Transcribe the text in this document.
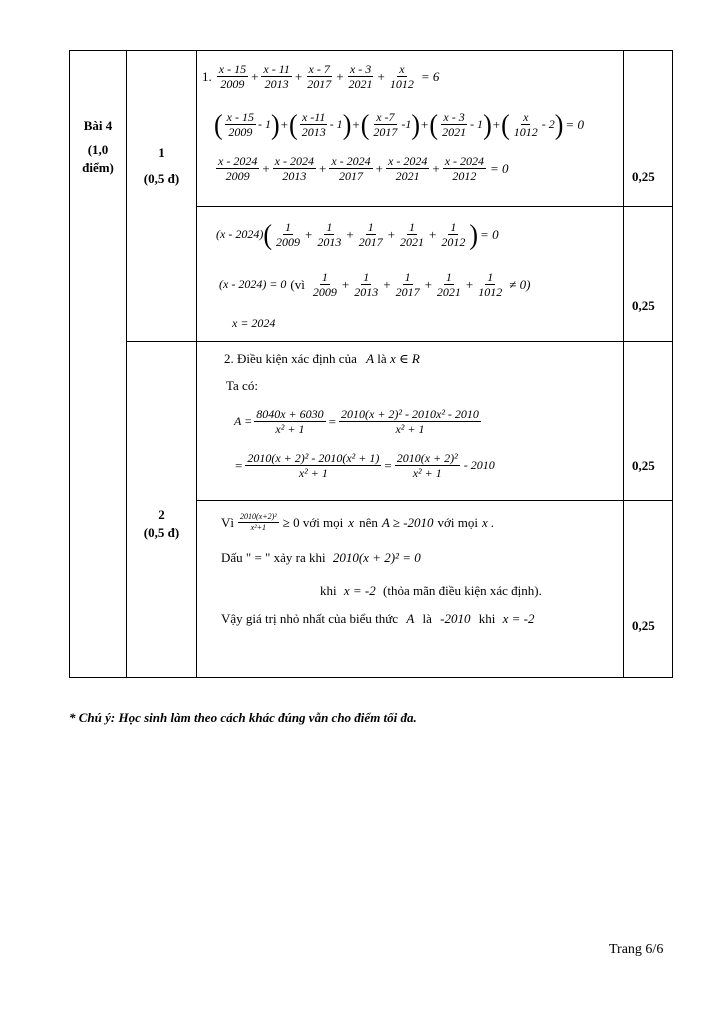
Bài 4
(1,0
điểm)
1
(0,5 đ)
2
(0,5 đ)
0,25
0,25
0,25
0,25
1. $\frac{x - 15}{2009} + \frac{x - 11}{2013} + \frac{x - 7}{2017} + \frac{x - 3}{2021} + \frac{x}{1012} = 6$
( $\frac{x - 15}{2009} - 1$ ) + ( $\frac{x -11}{2013} - 1$ ) + ( $\frac{x -7}{2017} -1$ ) + ( $\frac{x - 3}{2021} - 1$ ) + ( $\frac{x}{1012} - 2$ ) = 0
$\frac{x - 2024}{2009} + \frac{x - 2024}{2013} + \frac{x - 2024}{2017} + \frac{x - 2024}{2021} + \frac{x - 2024}{2012} = 0$
(x - 2024) ( $\frac{1}{2009} + \frac{1}{2013} + \frac{1}{2017} + \frac{1}{2021} + \frac{1}{2012}$ ) = 0
(x - 2024) = 0 (vì $\frac{1}{2009} + \frac{1}{2013} + \frac{1}{2017} + \frac{1}{2021} + \frac{1}{1012} \ne 0$)
x = 2024
2. Điều kiện xác định của A là x ∈ R
Ta có:
$A = \frac{8040x + 6030}{\text{x² + 1}} = \frac{\text{2010(x + 2)² - 2010x² - 2010}}{\text{x² + 1}}$
= $\frac{\text{2010(x + 2)² - 2010(x² + 1)}}{\text{x² + 1}} = \frac{\text{2010(x + 2)²}}{\text{x² + 1}} - 2010$
Vì $\frac{\text{2010(x+2)²}}{\text{x²+1}} \ge 0$ với mọi x nên A ≥ -2010 với mọi x .
Dấu " = " xảy ra khi 2010(x + 2)² = 0
khi x = -2 (thỏa mãn điều kiện xác định).
Vậy giá trị nhỏ nhất của biểu thức A là -2010 khi x = -2
* Chú ý: Học sinh làm theo cách khác đúng vẫn cho điểm tối đa.
Trang 6/6
